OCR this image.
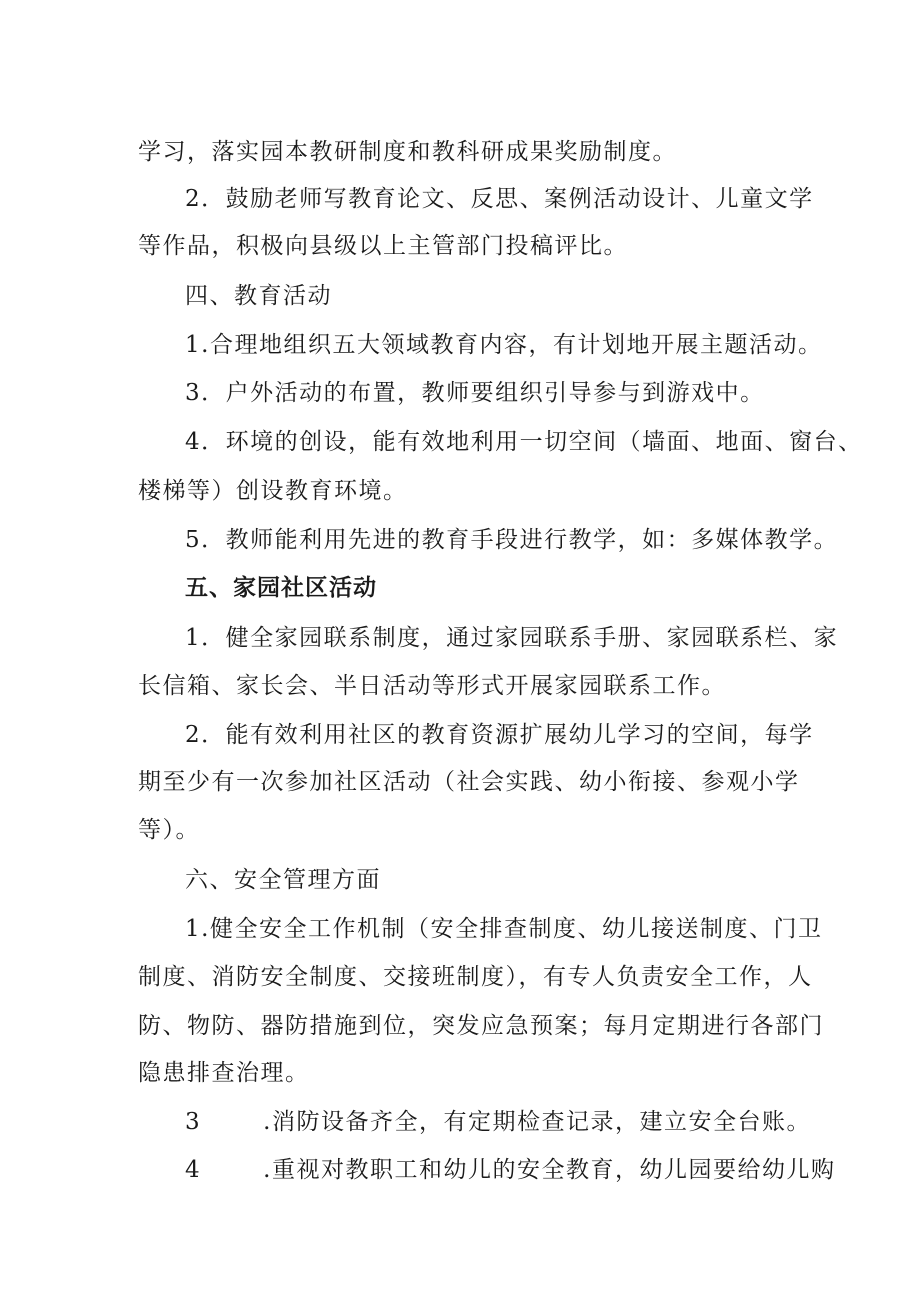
学习，落实园本教研制度和教科研成果奖励制度。
2．鼓励老师写教育论文、反思、案例活动设计、儿童文学
等作品，积极向县级以上主管部门投稿评比。
四、教育活动
1.合理地组织五大领域教育内容，有计划地开展主题活动。
3．户外活动的布置，教师要组织引导参与到游戏中。
4．环境的创设，能有效地利用一切空间（墙面、地面、窗台、
楼梯等）创设教育环境。
5．教师能利用先进的教育手段进行教学，如：多媒体教学。
五、家园社区活动
1．健全家园联系制度，通过家园联系手册、家园联系栏、家
长信箱、家长会、半日活动等形式开展家园联系工作。
2．能有效利用社区的教育资源扩展幼儿学习的空间，每学
期至少有一次参加社区活动（社会实践、幼小衔接、参观小学
等）。
六、安全管理方面
1.健全安全工作机制（安全排查制度、幼儿接送制度、门卫
制度、消防安全制度、交接班制度），有专人负责安全工作，人
防、物防、器防措施到位，突发应急预案；每月定期进行各部门
隐患排查治理。
3	.消防设备齐全，有定期检查记录，建立安全台账。
4	.重视对教职工和幼儿的安全教育，幼儿园要给幼儿购
